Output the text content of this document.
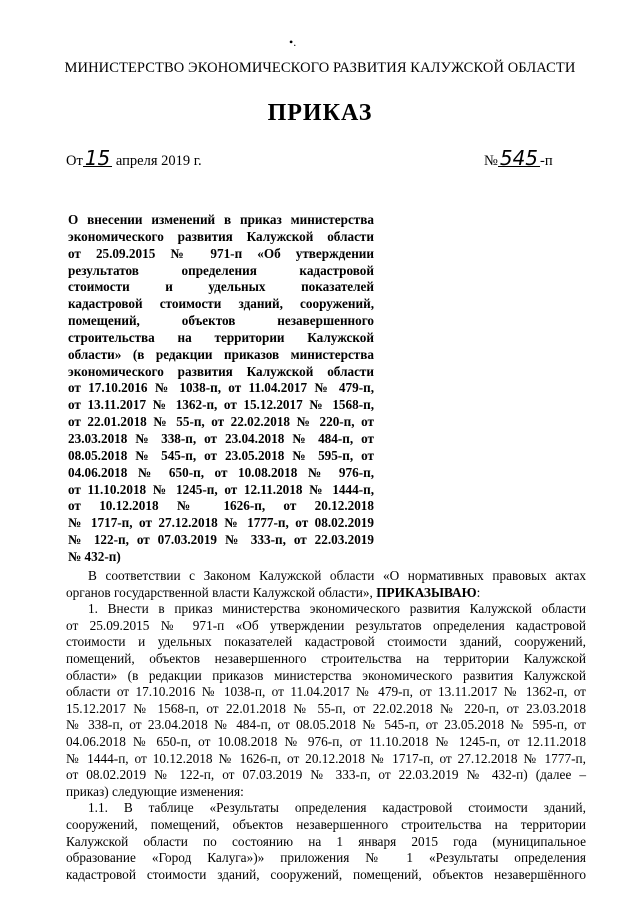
•.
МИНИСТЕРСТВО ЭКОНОМИЧЕСКОГО РАЗВИТИЯ КАЛУЖСКОЙ ОБЛАСТИ
ПРИКАЗ
От 15 апреля 2019 г.	№ 545 -п
О внесении изменений в приказ министерства
экономического развития Калужской области
от 25.09.2015 № 971-п «Об утверждении
результатов определения кадастровой
стоимости и удельных показателей
кадастровой стоимости зданий, сооружений,
помещений, объектов незавершенного
строительства на территории Калужской
области» (в редакции приказов министерства
экономического развития Калужской области
от 17.10.2016 № 1038-п, от 11.04.2017 № 479-п,
от 13.11.2017 № 1362-п, от 15.12.2017 № 1568-п,
от 22.01.2018 № 55-п, от 22.02.2018 № 220-п, от
23.03.2018 № 338-п, от 23.04.2018 № 484-п, от
08.05.2018 № 545-п, от 23.05.2018 № 595-п, от
04.06.2018 № 650-п, от 10.08.2018 № 976-п,
от 11.10.2018 № 1245-п, от 12.11.2018 № 1444-п,
от 10.12.2018 № 1626-п, от 20.12.2018
№ 1717-п, от 27.12.2018 № 1777-п, от 08.02.2019
№ 122-п, от 07.03.2019 № 333-п, от 22.03.2019
№ 432-п)
В соответствии с Законом Калужской области «О нормативных правовых актах
органов государственной власти Калужской области», ПРИКАЗЫВАЮ:
1. Внести в приказ министерства экономического развития Калужской области
от 25.09.2015 № 971-п «Об утверждении результатов определения кадастровой
стоимости и удельных показателей кадастровой стоимости зданий, сооружений,
помещений, объектов незавершенного строительства на территории Калужской
области» (в редакции приказов министерства экономического развития Калужской
области от 17.10.2016 № 1038-п, от 11.04.2017 № 479-п, от 13.11.2017 № 1362-п, от
15.12.2017 № 1568-п, от 22.01.2018 № 55-п, от 22.02.2018 № 220-п, от 23.03.2018
№ 338-п, от 23.04.2018 № 484-п, от 08.05.2018 № 545-п, от 23.05.2018 № 595-п, от
04.06.2018 № 650-п, от 10.08.2018 № 976-п, от 11.10.2018 № 1245-п, от 12.11.2018
№ 1444-п, от 10.12.2018 № 1626-п, от 20.12.2018 № 1717-п, от 27.12.2018 № 1777-п,
от 08.02.2019 № 122-п, от 07.03.2019 № 333-п, от 22.03.2019 № 432-п) (далее –
приказ) следующие изменения:
1.1. В таблице «Результаты определения кадастровой стоимости зданий,
сооружений, помещений, объектов незавершенного строительства на территории
Калужской области по состоянию на 1 января 2015 года (муниципальное
образование «Город Калуга»)» приложения № 1 «Результаты определения
кадастровой стоимости зданий, сооружений, помещений, объектов незавершённого
